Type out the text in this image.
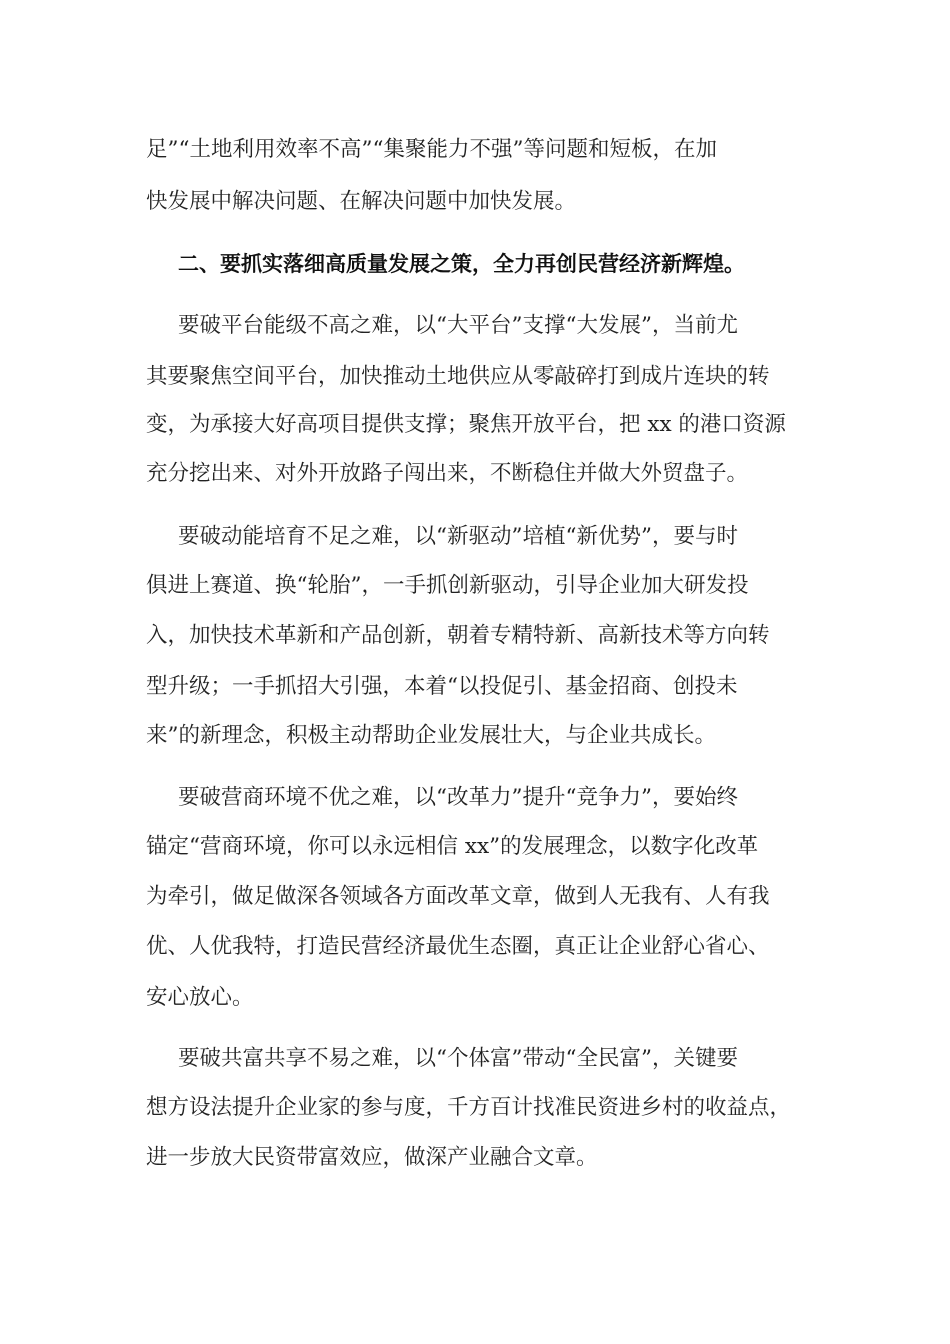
足”“土地利用效率不高”“集聚能力不强”等问题和短板，在加
快发展中解决问题、在解决问题中加快发展。
二、要抓实落细高质量发展之策，全力再创民营经济新辉煌。
要破平台能级不高之难，以“大平台”支撑“大发展”，当前尤
其要聚焦空间平台，加快推动土地供应从零敲碎打到成片连块的转
变，为承接大好高项目提供支撑；聚焦开放平台，把 xx 的港口资源
充分挖出来、对外开放路子闯出来，不断稳住并做大外贸盘子。
要破动能培育不足之难，以“新驱动”培植“新优势”，要与时
俱进上赛道、换“轮胎”，一手抓创新驱动，引导企业加大研发投
入，加快技术革新和产品创新，朝着专精特新、高新技术等方向转
型升级；一手抓招大引强，本着“以投促引、基金招商、创投未
来”的新理念，积极主动帮助企业发展壮大，与企业共成长。
要破营商环境不优之难，以“改革力”提升“竞争力”，要始终
锚定“营商环境，你可以永远相信 xx”的发展理念，以数字化改革
为牵引，做足做深各领域各方面改革文章，做到人无我有、人有我
优、人优我特，打造民营经济最优生态圈，真正让企业舒心省心、
安心放心。
要破共富共享不易之难，以“个体富”带动“全民富”，关键要
想方设法提升企业家的参与度，千方百计找准民资进乡村的收益点，
进一步放大民资带富效应，做深产业融合文章。
